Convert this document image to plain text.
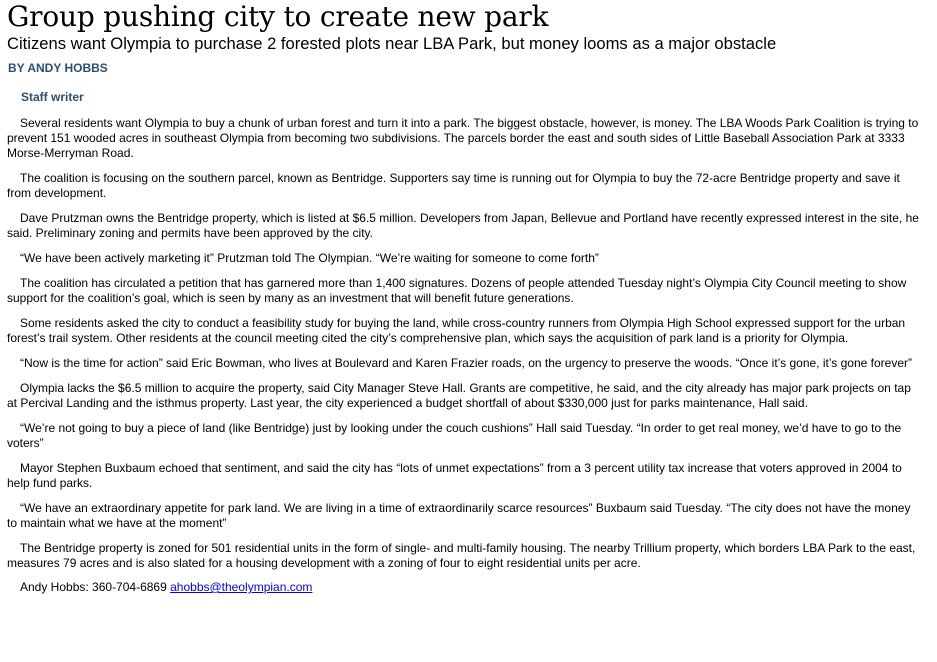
Group pushing city to create new park
Citizens want Olympia to purchase 2 forested plots near LBA Park, but money looms as a major obstacle
BY ANDY HOBBS
Staff writer

Several residents want Olympia to buy a chunk of urban forest and turn it into a park. The biggest obstacle, however, is money. The LBA Woods Park Coalition is trying to prevent 151 wooded acres in southeast Olympia from becoming two subdivisions. The parcels border the east and south sides of Little Baseball Association Park at 3333 Morse-Merryman Road.

The coalition is focusing on the southern parcel, known as Bentridge. Supporters say time is running out for Olympia to buy the 72-acre Bentridge property and save it from development.

Dave Prutzman owns the Bentridge property, which is listed at $6.5 million. Developers from Japan, Bellevue and Portland have recently expressed interest in the site, he said. Preliminary zoning and permits have been approved by the city.

“We have been actively marketing it” Prutzman told The Olympian. “We’re waiting for someone to come forth”

The coalition has circulated a petition that has garnered more than 1,400 signatures. Dozens of people attended Tuesday night’s Olympia City Council meeting to show support for the coalition’s goal, which is seen by many as an investment that will benefit future generations.

Some residents asked the city to conduct a feasibility study for buying the land, while cross-country runners from Olympia High School expressed support for the urban forest’s trail system. Other residents at the council meeting cited the city’s comprehensive plan, which says the acquisition of park land is a priority for Olympia.

“Now is the time for action” said Eric Bowman, who lives at Boulevard and Karen Frazier roads, on the urgency to preserve the woods. “Once it’s gone, it’s gone forever”

Olympia lacks the $6.5 million to acquire the property, said City Manager Steve Hall. Grants are competitive, he said, and the city already has major park projects on tap at Percival Landing and the isthmus property. Last year, the city experienced a budget shortfall of about $330,000 just for parks maintenance, Hall said.

“We’re not going to buy a piece of land (like Bentridge) just by looking under the couch cushions” Hall said Tuesday. “In order to get real money, we’d have to go to the voters”

Mayor Stephen Buxbaum echoed that sentiment, and said the city has “lots of unmet expectations” from a 3 percent utility tax increase that voters approved in 2004 to help fund parks.

“We have an extraordinary appetite for park land. We are living in a time of extraordinarily scarce resources” Buxbaum said Tuesday. “The city does not have the money to maintain what we have at the moment”

The Bentridge property is zoned for 501 residential units in the form of single- and multi-family housing. The nearby Trillium property, which borders LBA Park to the east, measures 79 acres and is also slated for a housing development with a zoning of four to eight residential units per acre.

Andy Hobbs: 360-704-6869 ahobbs@theolympian.com
